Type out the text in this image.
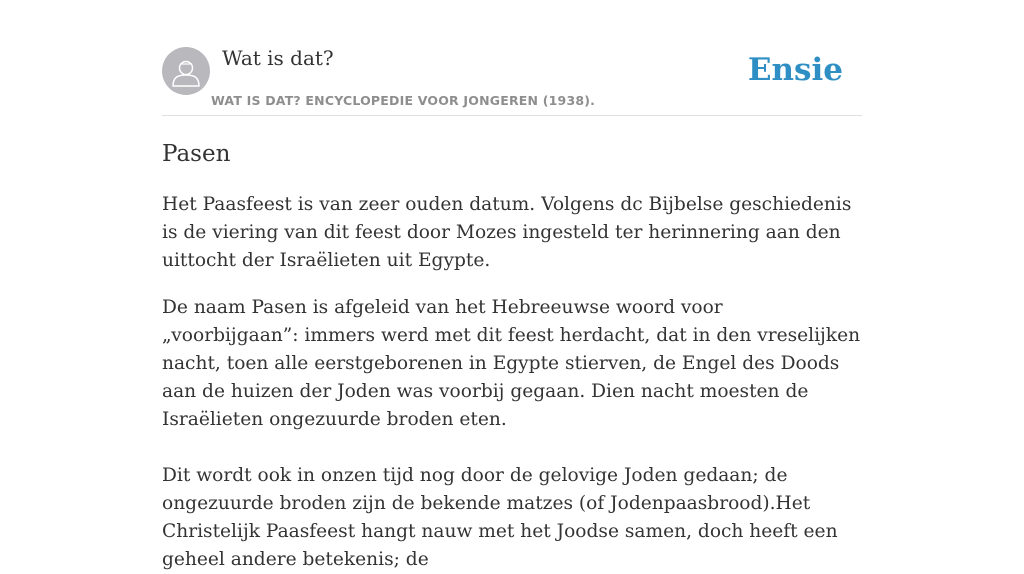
Wat is dat?
WAT IS DAT? ENCYCLOPEDIE VOOR JONGEREN (1938).
Ensie
Pasen

Het Paasfeest is van zeer ouden datum. Volgens dc Bijbelse geschiedenis is de viering van dit feest door Mozes ingesteld ter herinnering aan den uittocht der Israëlieten uit Egypte.

De naam Pasen is afgeleid van het Hebreeuwse woord voor „voorbijgaan”: immers werd met dit feest herdacht, dat in den vreselijken nacht, toen alle eerstgeborenen in Egypte stierven, de Engel des Doods aan de huizen der Joden was voorbij gegaan. Dien nacht moesten de Israëlieten ongezuurde broden eten.

Dit wordt ook in onzen tijd nog door de gelovige Joden gedaan; de ongezuurde broden zijn de bekende matzes (of Jodenpaasbrood).Het Christelijk Paasfeest hangt nauw met het Joodse samen, doch heeft een geheel andere betekenis; de
